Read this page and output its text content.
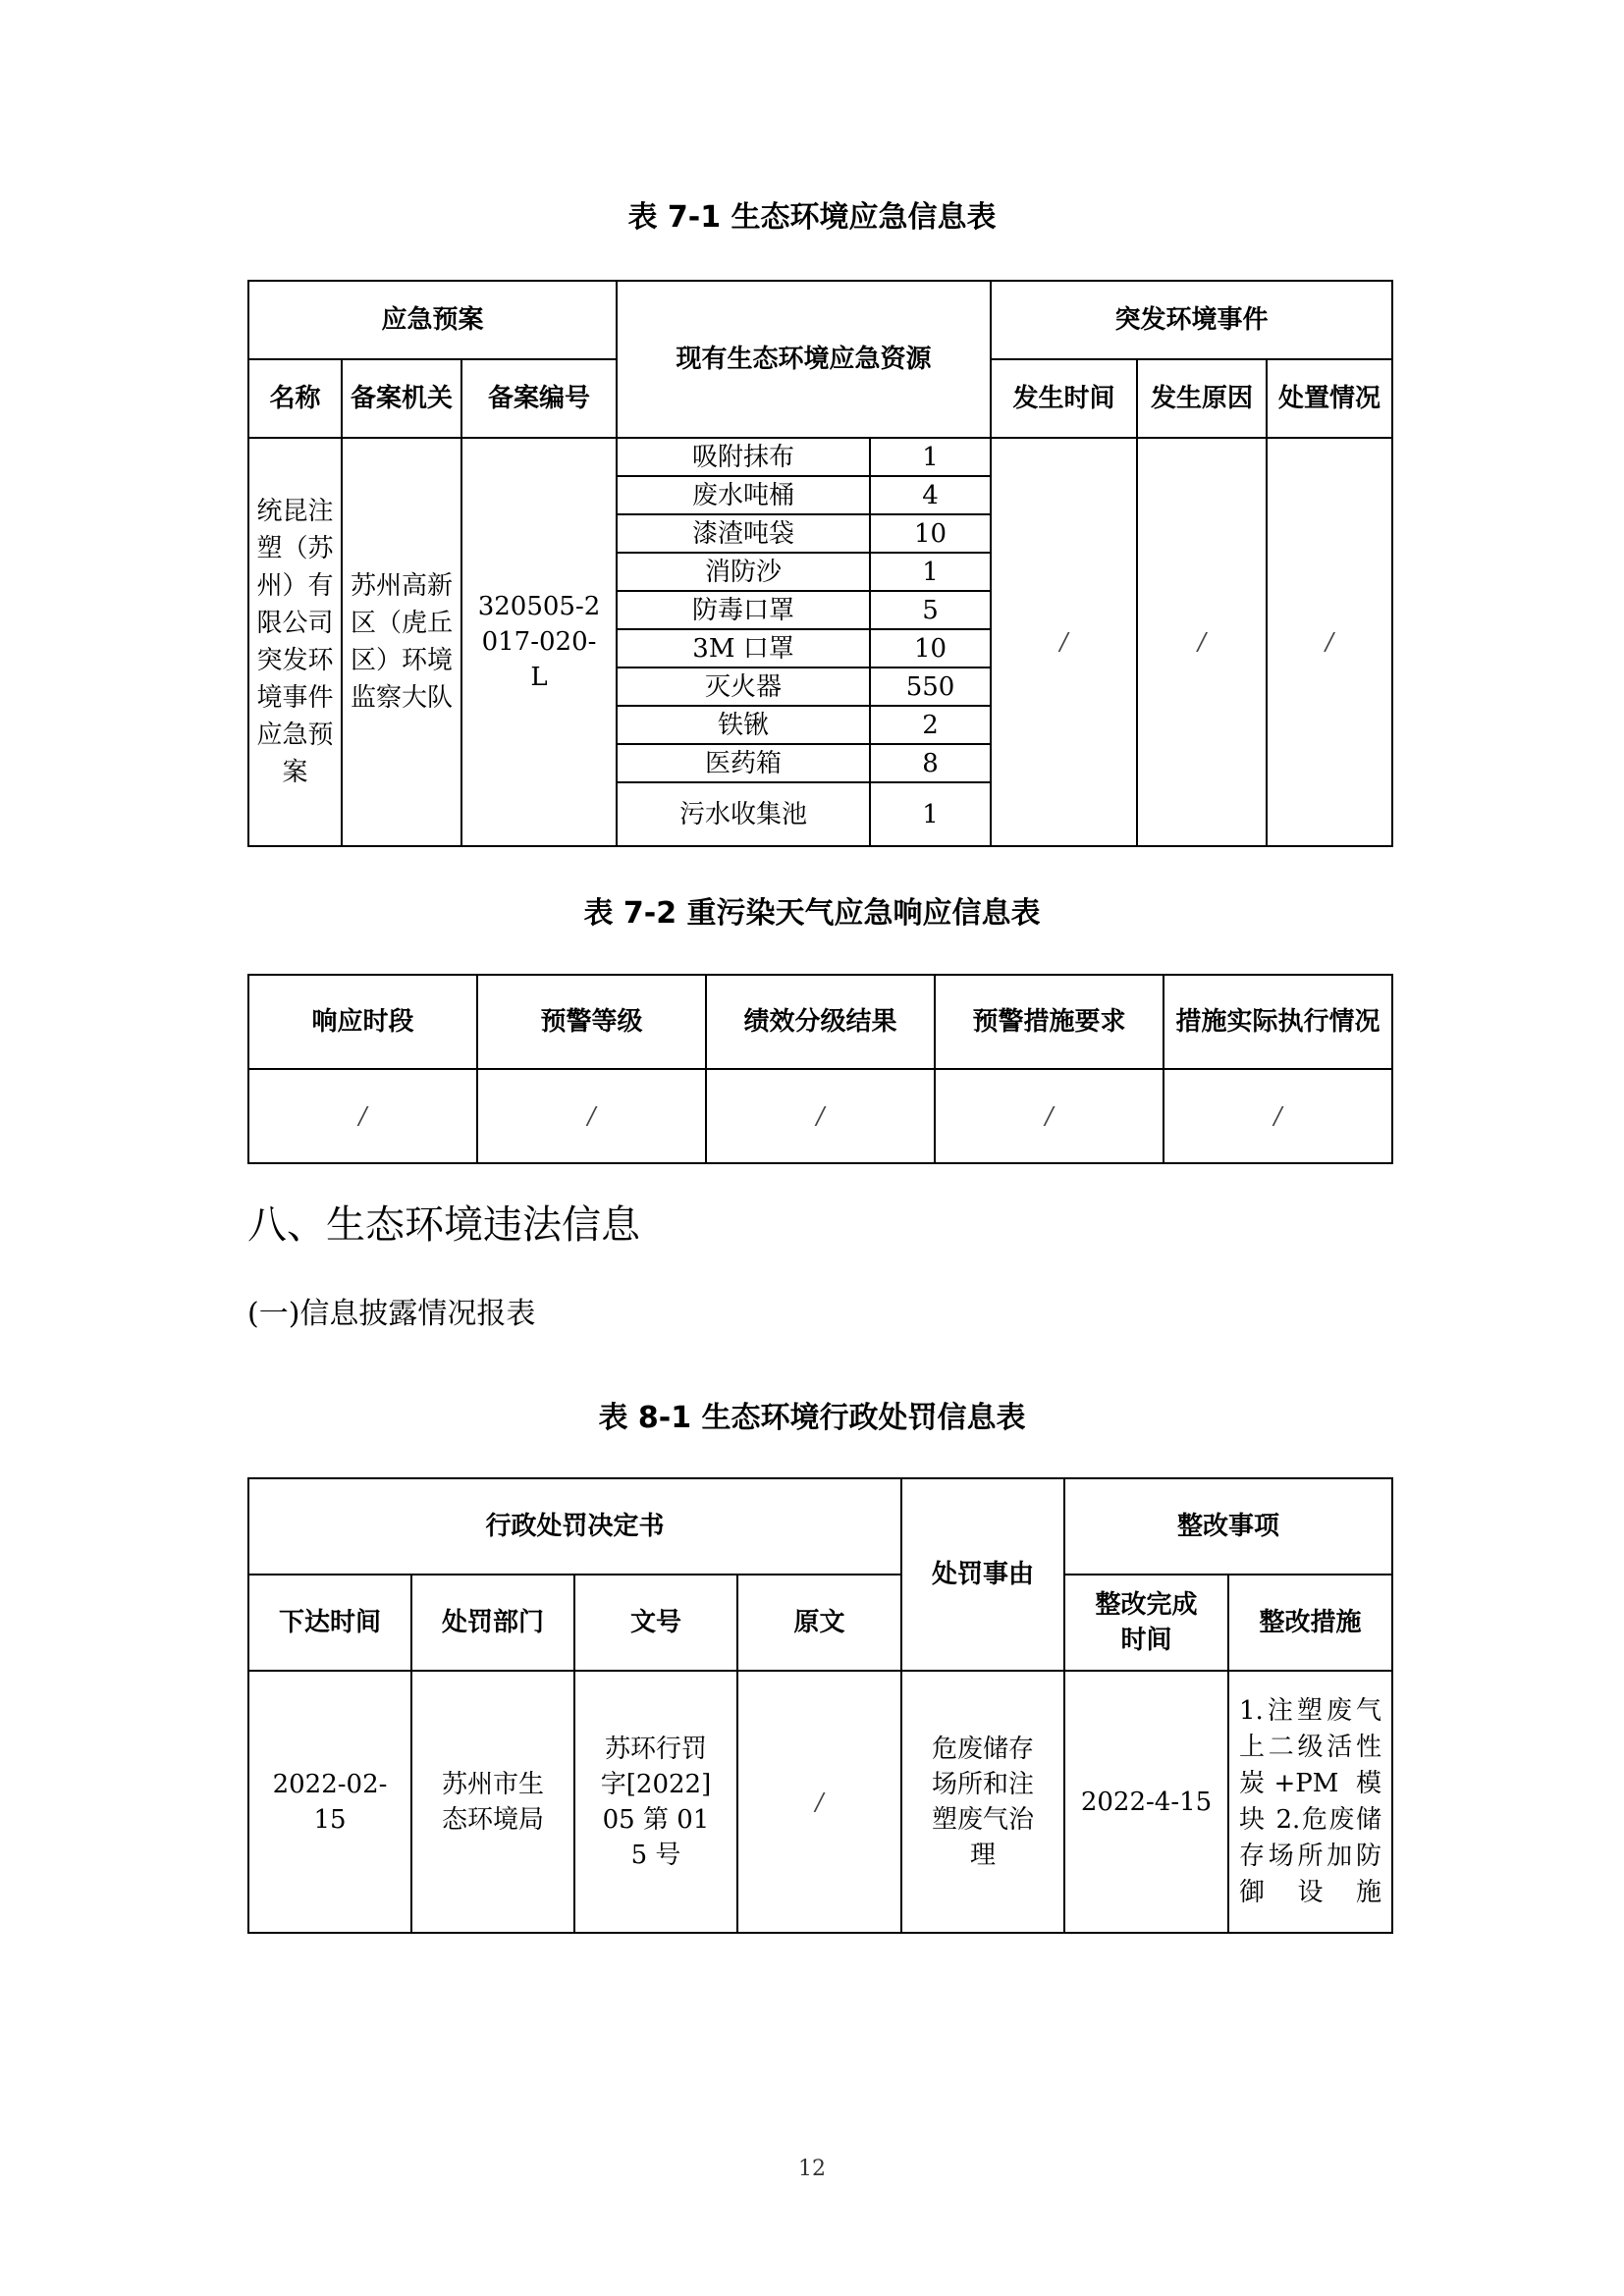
表 7-1 生态环境应急信息表
应急预案			现有生态环境应急资源		突发环境事件		
名称	备案机关	备案编号			发生时间	发生原因	处置情况
统昆注塑（苏州）有限公司突发环境事件应急预案	苏州高新区（虎丘区）环境监察大队	320505-2017-020-L	吸附抹布	1	/	/	/
			废水吨桶	4			
			漆渣吨袋	10			
			消防沙	1			
			防毒口罩	5			
			3M 口罩	10			
			灭火器	550			
			铁锹	2			
			医药箱	8			
			污水收集池	1			
表 7-2 重污染天气应急响应信息表
响应时段	预警等级	绩效分级结果	预警措施要求	措施实际执行情况
/	/	/	/	/
八、生态环境违法信息
(一)信息披露情况报表
表 8-1 生态环境行政处罚信息表
行政处罚决定书				处罚事由	整改事项	
下达时间	处罚部门	文号	原文		整改完成时间	整改措施
2022-02-15	苏州市生态环境局	苏环行罚字[2022]05 第 015 号	/	危废储存场所和注塑废气治理	2022-4-15	1.注塑废气上二级活性炭+PM 模块 2.危废储存场所加防御设施
12
